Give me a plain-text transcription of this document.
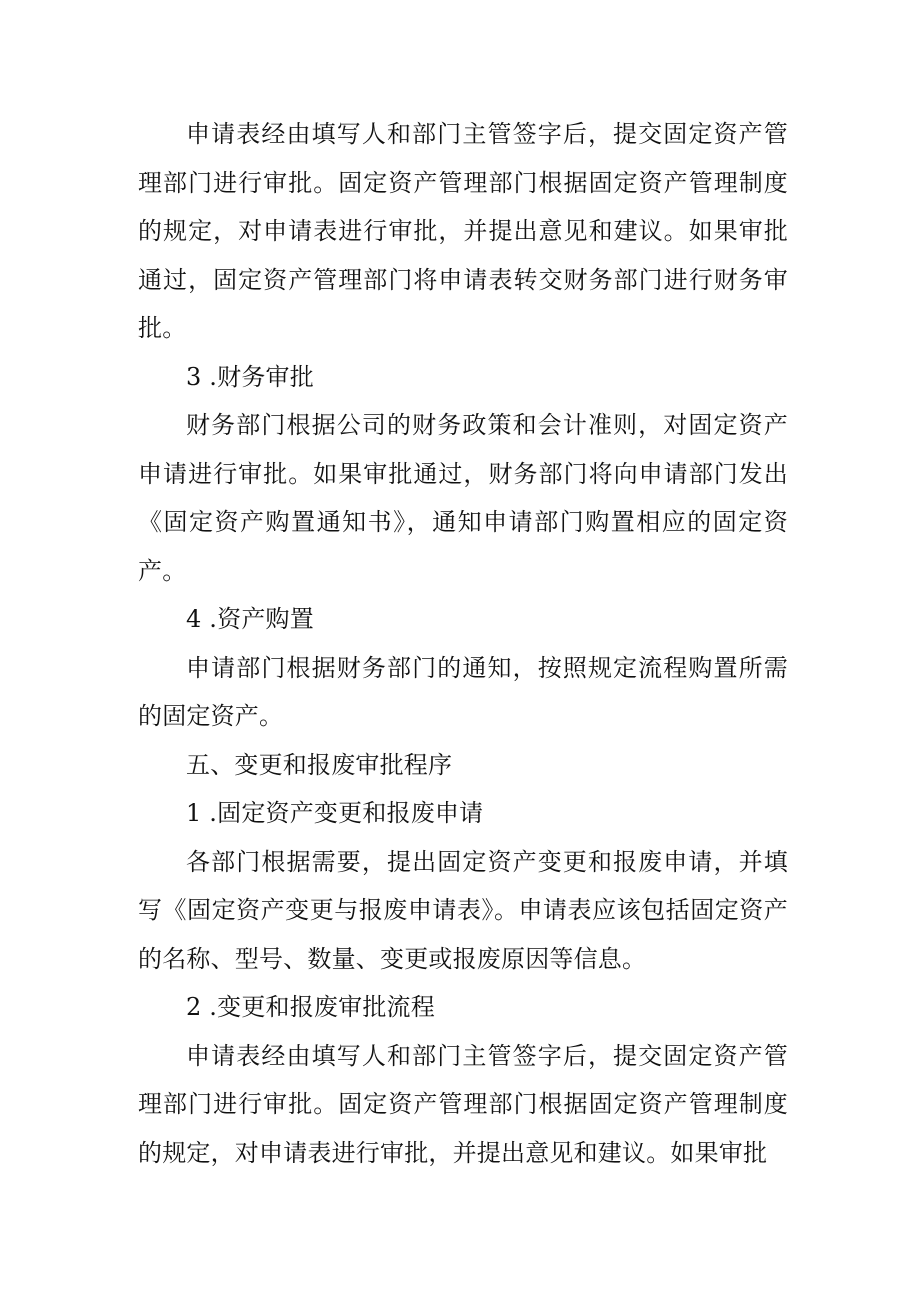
申请表经由填写人和部门主管签字后，提交固定资产管理部门进行审批。固定资产管理部门根据固定资产管理制度的规定，对申请表进行审批，并提出意见和建议。如果审批通过，固定资产管理部门将申请表转交财务部门进行财务审批。

3 .财务审批

财务部门根据公司的财务政策和会计准则，对固定资产申请进行审批。如果审批通过，财务部门将向申请部门发出《固定资产购置通知书》，通知申请部门购置相应的固定资产。

4 .资产购置

申请部门根据财务部门的通知，按照规定流程购置所需的固定资产。

五、变更和报废审批程序

1 .固定资产变更和报废申请

各部门根据需要，提出固定资产变更和报废申请，并填写《固定资产变更与报废申请表》。申请表应该包括固定资产的名称、型号、数量、变更或报废原因等信息。

2 .变更和报废审批流程

申请表经由填写人和部门主管签字后，提交固定资产管理部门进行审批。固定资产管理部门根据固定资产管理制度的规定，对申请表进行审批，并提出意见和建议。如果审批
